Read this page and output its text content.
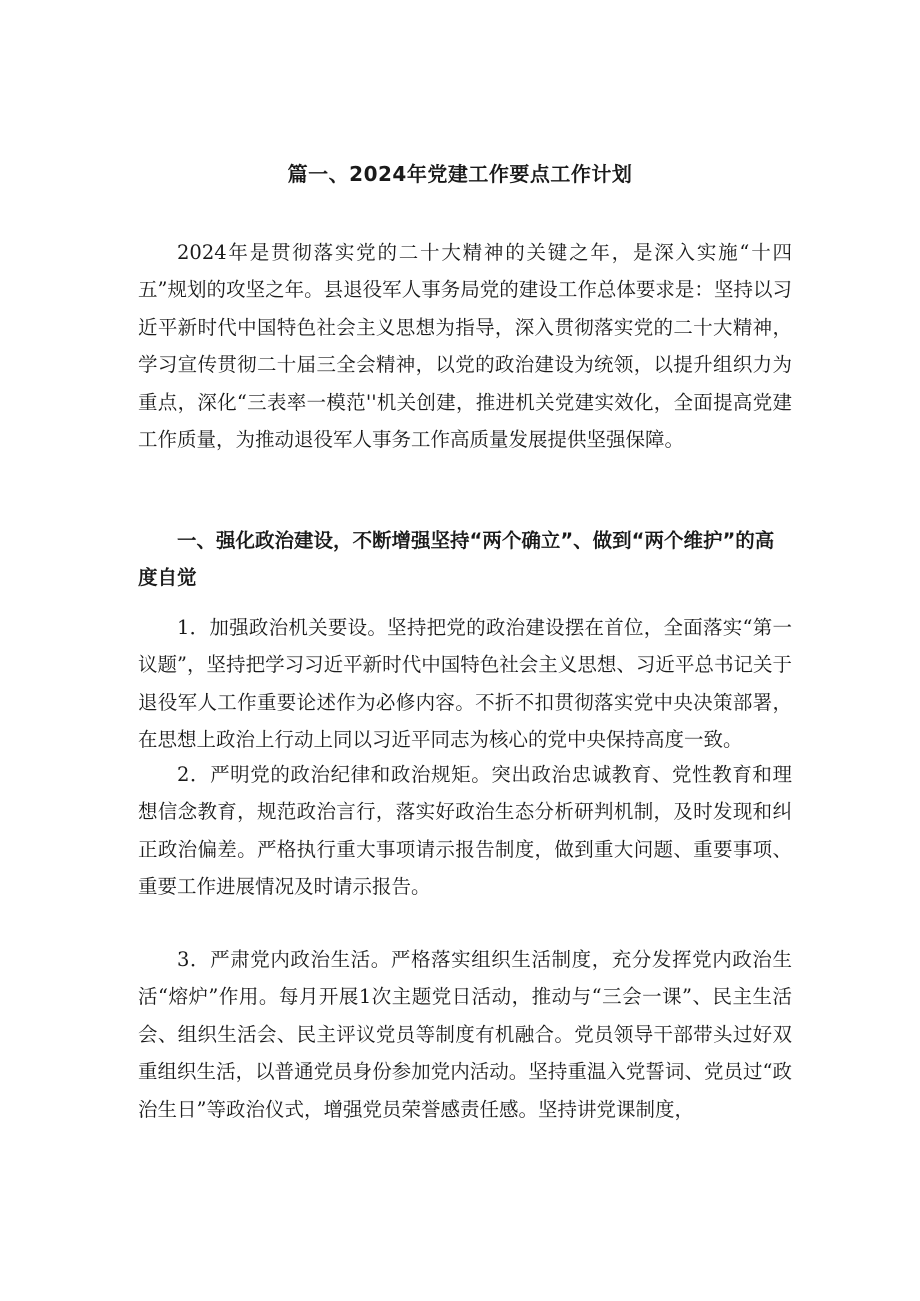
篇一、2024年党建工作要点工作计划

2024年是贯彻落实党的二十大精神的关键之年，是深入实施“十四五”规划的攻坚之年。县退役军人事务局党的建设工作总体要求是：坚持以习近平新时代中国特色社会主义思想为指导，深入贯彻落实党的二十大精神，学习宣传贯彻二十届三全会精神，以党的政治建设为统领，以提升组织力为重点，深化“三表率一模范''机关创建，推进机关党建实效化，全面提高党建工作质量，为推动退役军人事务工作高质量发展提供坚强保障。

一、强化政治建设，不断增强坚持“两个确立”、做到“两个维护”的高度自觉

1．加强政治机关要设。坚持把党的政治建设摆在首位，全面落实“第一议题”，坚持把学习习近平新时代中国特色社会主义思想、习近平总书记关于退役军人工作重要论述作为必修内容。不折不扣贯彻落实党中央决策部署，在思想上政治上行动上同以习近平同志为核心的党中央保持高度一致。

2．严明党的政治纪律和政治规矩。突出政治忠诚教育、党性教育和理想信念教育，规范政治言行，落实好政治生态分析研判机制，及时发现和纠正政治偏差。严格执行重大事项请示报告制度，做到重大问题、重要事项、重要工作进展情况及时请示报告。

3．严肃党内政治生活。严格落实组织生活制度，充分发挥党内政治生活“熔炉”作用。每月开展1次主题党日活动，推动与“三会一课”、民主生活会、组织生活会、民主评议党员等制度有机融合。党员领导干部带头过好双重组织生活，以普通党员身份参加党内活动。坚持重温入党誓词、党员过“政治生日”等政治仪式，增强党员荣誉感责任感。坚持讲党课制度，
